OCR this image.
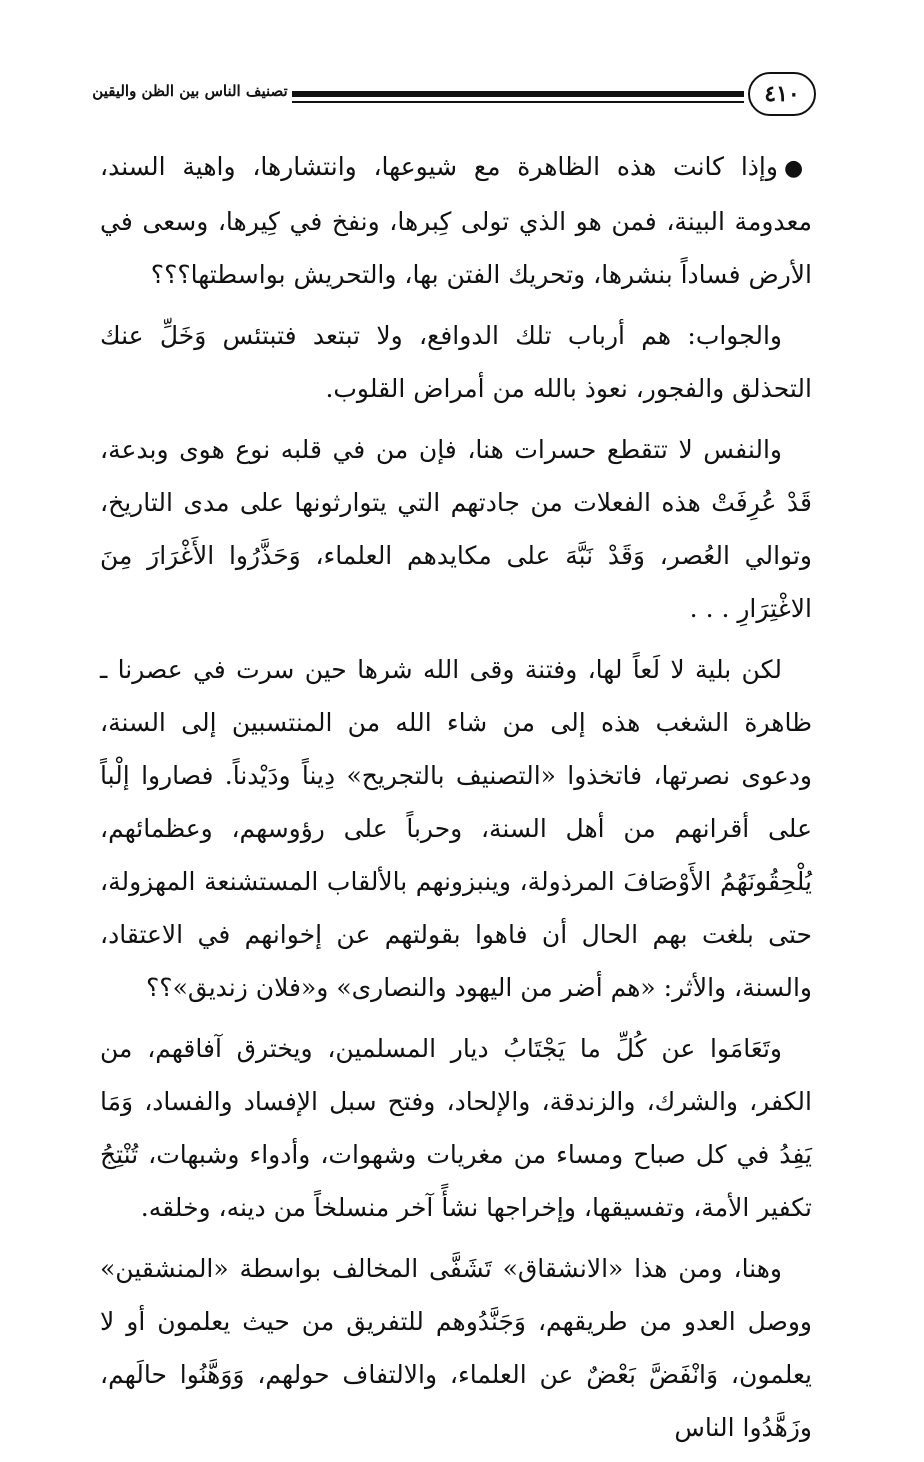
٤١٠
تصنيف الناس بين الظن واليقين

●وإذا كانت هذه الظاهرة مع شيوعها، وانتشارها، واهية السند، معدومة البينة، فمن هو الذي تولى كِبرها، ونفخ في كِيرها، وسعى في الأرض فساداً بنشرها، وتحريك الفتن بها، والتحريش بواسطتها؟؟؟

والجواب: هم أرباب تلك الدوافع، ولا تبتعد فتبتئس وَخَلِّ عنك التحذلق والفجور، نعوذ بالله من أمراض القلوب.

والنفس لا تتقطع حسرات هنا، فإن من في قلبه نوع هوى وبدعة، قَدْ عُرِفَتْ هذه الفعلات من جادتهم التي يتوارثونها على مدى التاريخ، وتوالي العُصر، وَقَدْ نَبَّهَ على مكايدهم العلماء، وَحَذَّرُوا الأَغْرَارَ مِنَ الاغْتِرَارِ . . .

لكن بلية لا لَعاً لها، وفتنة وقى الله شرها حين سرت في عصرنا ـ ظاهرة الشغب هذه إلى من شاء الله من المنتسبين إلى السنة، ودعوى نصرتها، فاتخذوا «التصنيف بالتجريح» دِيناً ودَيْدناً. فصاروا إلْباً على أقرانهم من أهل السنة، وحرباً على رؤوسهم، وعظمائهم، يُلْحِقُونَهُمُ الأَوْصَافَ المرذولة، وينبزونهم بالألقاب المستشنعة المهزولة، حتى بلغت بهم الحال أن فاهوا بقولتهم عن إخوانهم في الاعتقاد، والسنة، والأثر: «هم أضر من اليهود والنصارى» و«فلان زنديق»؟؟

وتَعَامَوا عن كُلِّ ما يَجْتَابُ ديار المسلمين، ويخترق آفاقهم، من الكفر، والشرك، والزندقة، والإلحاد، وفتح سبل الإفساد والفساد، وَمَا يَفِدُ في كل صباح ومساء من مغريات وشهوات، وأدواء وشبهات، تُنْتِجُ تكفير الأمة، وتفسيقها، وإخراجها نشأً آخر منسلخاً من دينه، وخلقه.

وهنا، ومن هذا «الانشقاق» تَشَفَّى المخالف بواسطة «المنشقين» ووصل العدو من طريقهم، وَجَنَّدُوهم للتفريق من حيث يعلمون أو لا يعلمون، وَانْفَضَّ بَعْضٌ عن العلماء، والالتفاف حولهم، وَوَهَّنُوا حالَهم، وزَهَّدُوا الناس
